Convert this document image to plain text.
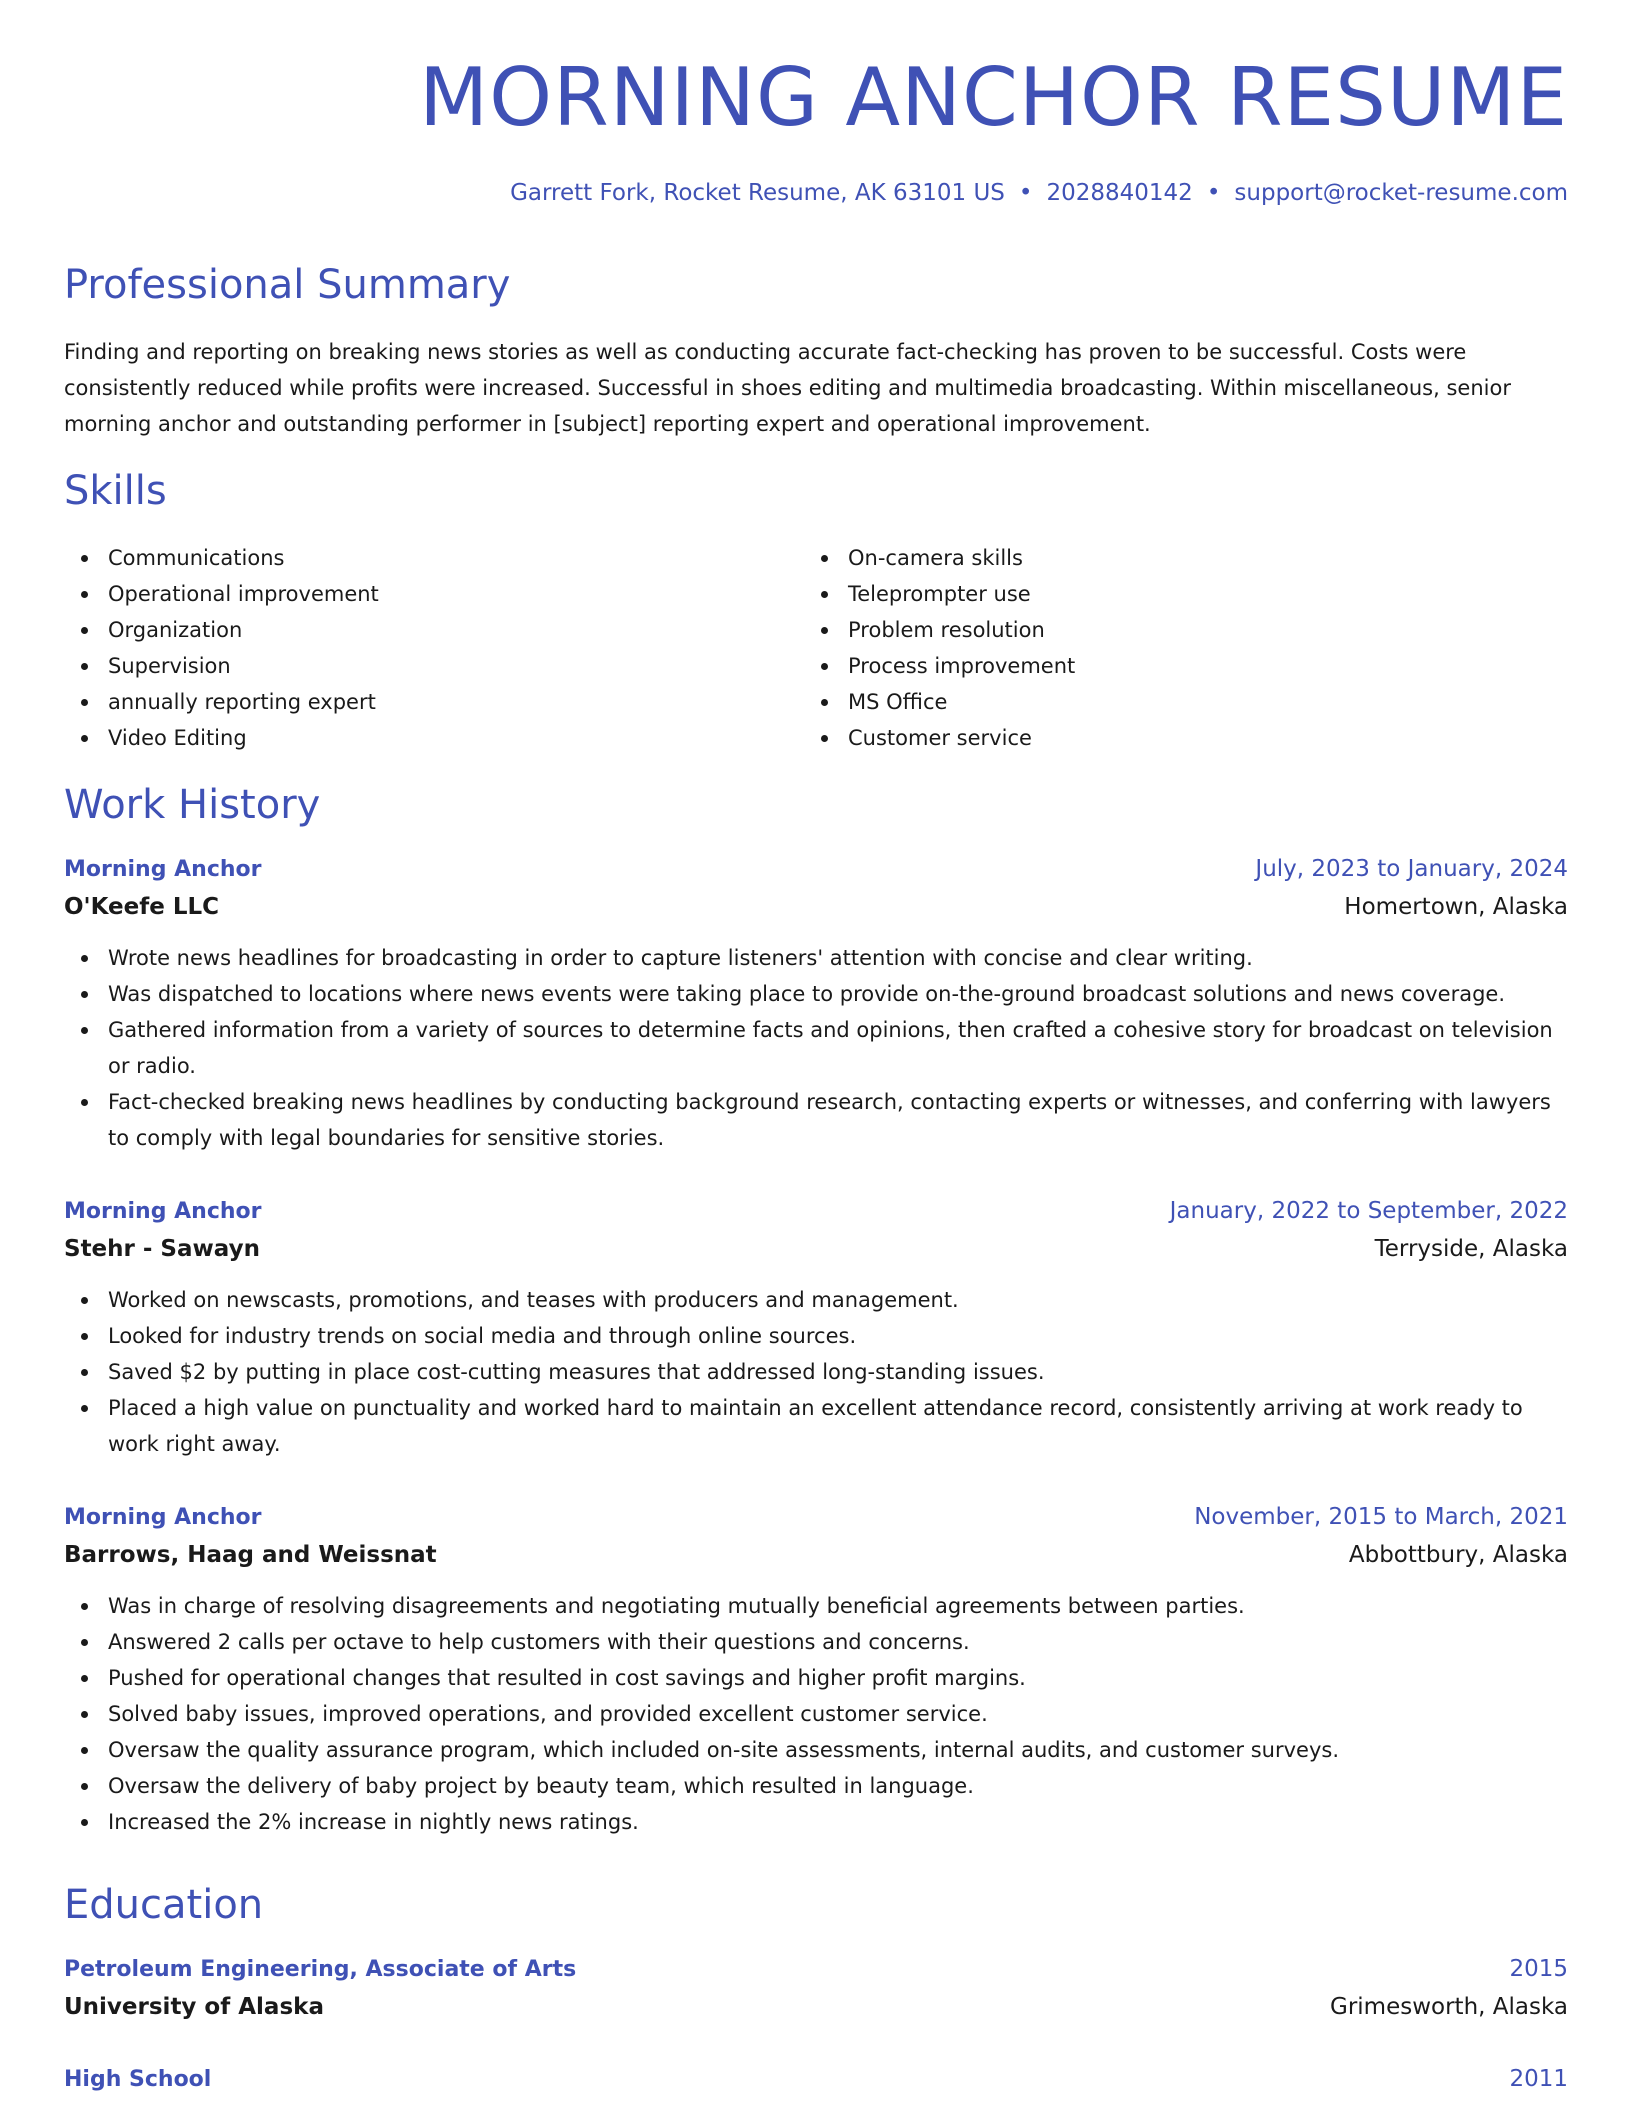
MORNING ANCHOR RESUME
Garrett Fork, Rocket Resume, AK 63101 US • 2028840142 • support@rocket-resume.com
Professional Summary

Finding and reporting on breaking news stories as well as conducting accurate fact-checking has proven to be successful. Costs were consistently reduced while profits were increased. Successful in shoes editing and multimedia broadcasting. Within miscellaneous, senior morning anchor and outstanding performer in [subject] reporting expert and operational improvement.

Skills
Communications
Operational improvement
Organization
Supervision
annually reporting expert
Video Editing
On-camera skills
Teleprompter use
Problem resolution
Process improvement
MS Office
Customer service
Work History
Morning Anchor	July, 2023 to January, 2024
O'Keefe LLC	Homertown, Alaska
Wrote news headlines for broadcasting in order to capture listeners' attention with concise and clear writing.
Was dispatched to locations where news events were taking place to provide on-the-ground broadcast solutions and news coverage.
Gathered information from a variety of sources to determine facts and opinions, then crafted a cohesive story for broadcast on television or radio.
Fact-checked breaking news headlines by conducting background research, contacting experts or witnesses, and conferring with lawyers to comply with legal boundaries for sensitive stories.
Morning Anchor	January, 2022 to September, 2022
Stehr - Sawayn	Terryside, Alaska
Worked on newscasts, promotions, and teases with producers and management.
Looked for industry trends on social media and through online sources.
Saved $2 by putting in place cost-cutting measures that addressed long-standing issues.
Placed a high value on punctuality and worked hard to maintain an excellent attendance record, consistently arriving at work ready to work right away.
Morning Anchor	November, 2015 to March, 2021
Barrows, Haag and Weissnat	Abbottbury, Alaska
Was in charge of resolving disagreements and negotiating mutually beneficial agreements between parties.
Answered 2 calls per octave to help customers with their questions and concerns.
Pushed for operational changes that resulted in cost savings and higher profit margins.
Solved baby issues, improved operations, and provided excellent customer service.
Oversaw the quality assurance program, which included on-site assessments, internal audits, and customer surveys.
Oversaw the delivery of baby project by beauty team, which resulted in language.
Increased the 2% increase in nightly news ratings.
Education
Petroleum Engineering, Associate of Arts	2015
University of Alaska	Grimesworth, Alaska
High School	2011
